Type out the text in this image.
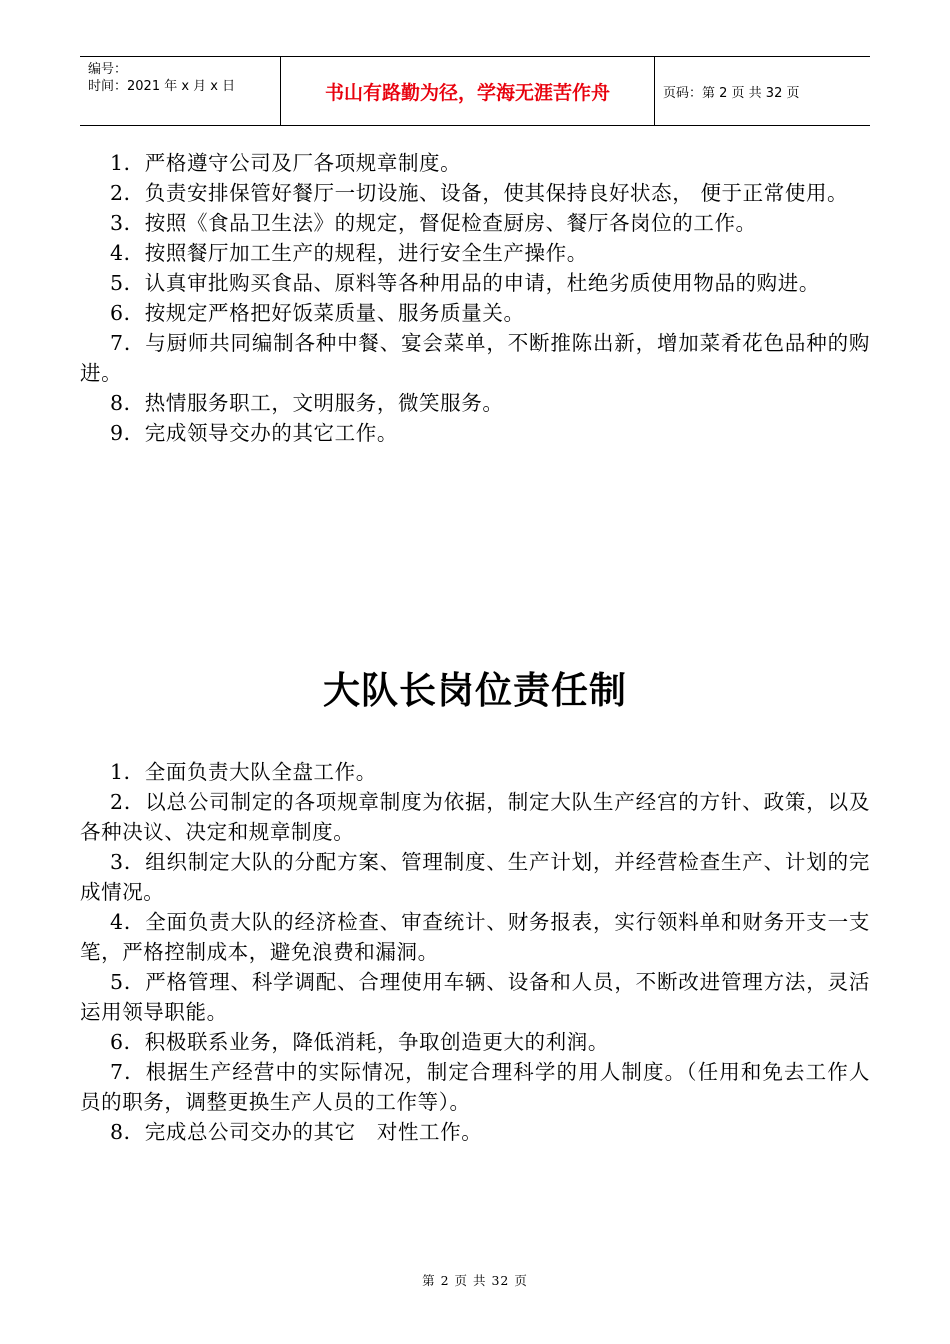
编号：
时间：2021 年 x 月 x 日	书山有路勤为径，学海无涯苦作舟	页码：第 2 页 共 32 页

1．严格遵守公司及厂各项规章制度。

2．负责安排保管好餐厅一切设施、设备，使其保持良好状态， 便于正常使用。

3．按照《食品卫生法》的规定，督促检查厨房、餐厅各岗位的工作。

4．按照餐厅加工生产的规程，进行安全生产操作。

5．认真审批购买食品、原料等各种用品的申请，杜绝劣质使用物品的购进。

6．按规定严格把好饭菜质量、服务质量关。

7．与厨师共同编制各种中餐、宴会菜单，不断推陈出新，增加菜肴花色品种的购进。

8．热情服务职工，文明服务，微笑服务。

9．完成领导交办的其它工作。

大队长岗位责任制

1．全面负责大队全盘工作。

2．以总公司制定的各项规章制度为依据，制定大队生产经宫的方针、政策，以及各种决议、决定和规章制度。

3．组织制定大队的分配方案、管理制度、生产计划，并经营检查生产、计划的完成情况。

4．全面负责大队的经济检查、审查统计、财务报表，实行领料单和财务开支一支笔，严格控制成本，避免浪费和漏洞。

5．严格管理、科学调配、合理使用车辆、设备和人员，不断改进管理方法，灵活运用领导职能。

6．积极联系业务，降低消耗，争取创造更大的利润。

7．根据生产经营中的实际情况，制定合理科学的用人制度。（任用和免去工作人员的职务，调整更换生产人员的工作等）。

8．完成总公司交办的其它　对性工作。

第 2 页 共 32 页
